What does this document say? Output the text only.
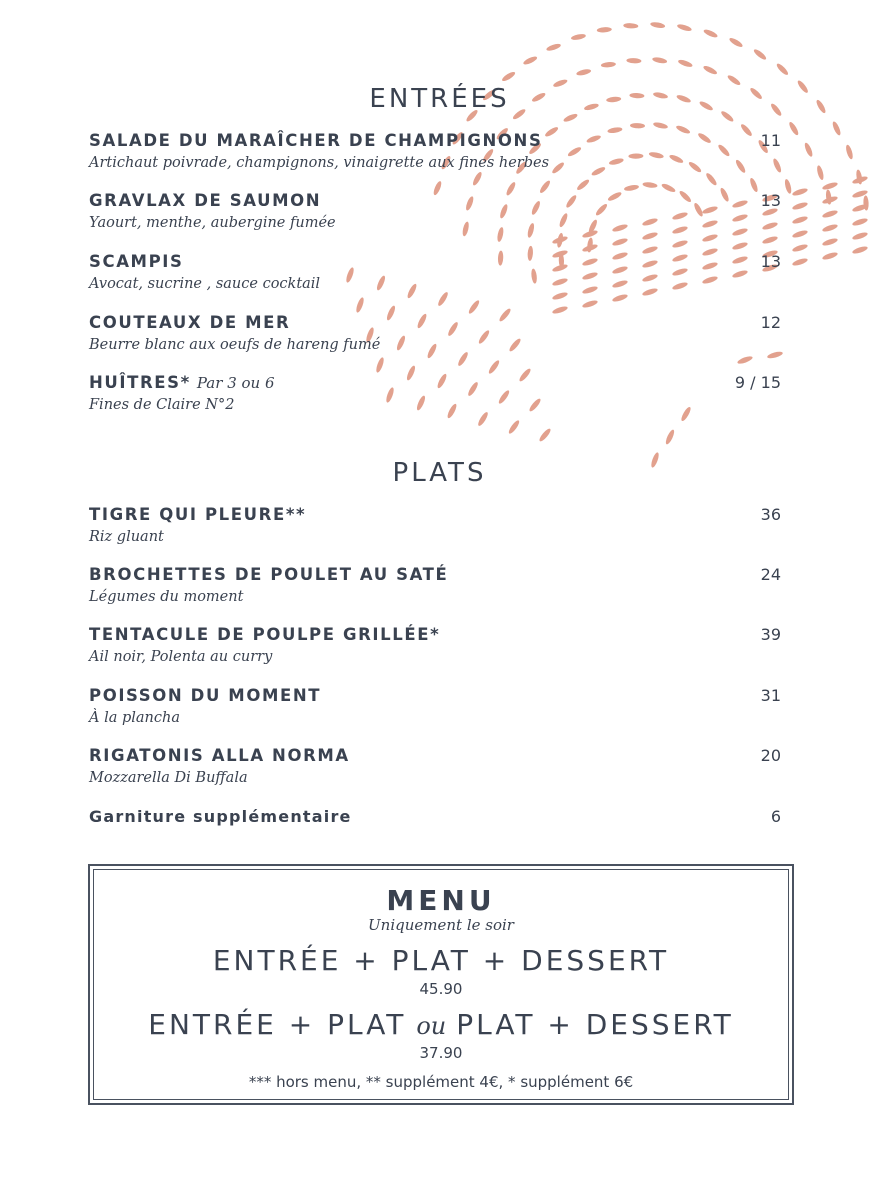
ENTRÉES
SALADE DU MARAÎCHER DE CHAMPIGNONS
Artichaut poivrade, champignons, vinaigrette aux fines herbes
11
GRAVLAX DE SAUMON
Yaourt, menthe, aubergine fumée
13
SCAMPIS
Avocat, sucrine , sauce cocktail
13
COUTEAUX DE MER
Beurre blanc aux oeufs de hareng fumé
12
HUÎTRES* Par 3 ou 6
Fines de Claire N°2
9 / 15
PLATS
TIGRE QUI PLEURE**
Riz gluant
36
BROCHETTES DE POULET AU SATÉ
Légumes du moment
24
TENTACULE DE POULPE GRILLÉE*
Ail noir, Polenta au curry
39
POISSON DU MOMENT
À la plancha
31
RIGATONIS ALLA NORMA
Mozzarella Di Buffala
20
Garniture supplémentaire	6
MENU
Uniquement le soir
ENTRÉE + PLAT + DESSERT
45.90
ENTRÉE + PLAT ou PLAT + DESSERT
37.90
*** hors menu, ** supplément 4€, * supplément 6€
